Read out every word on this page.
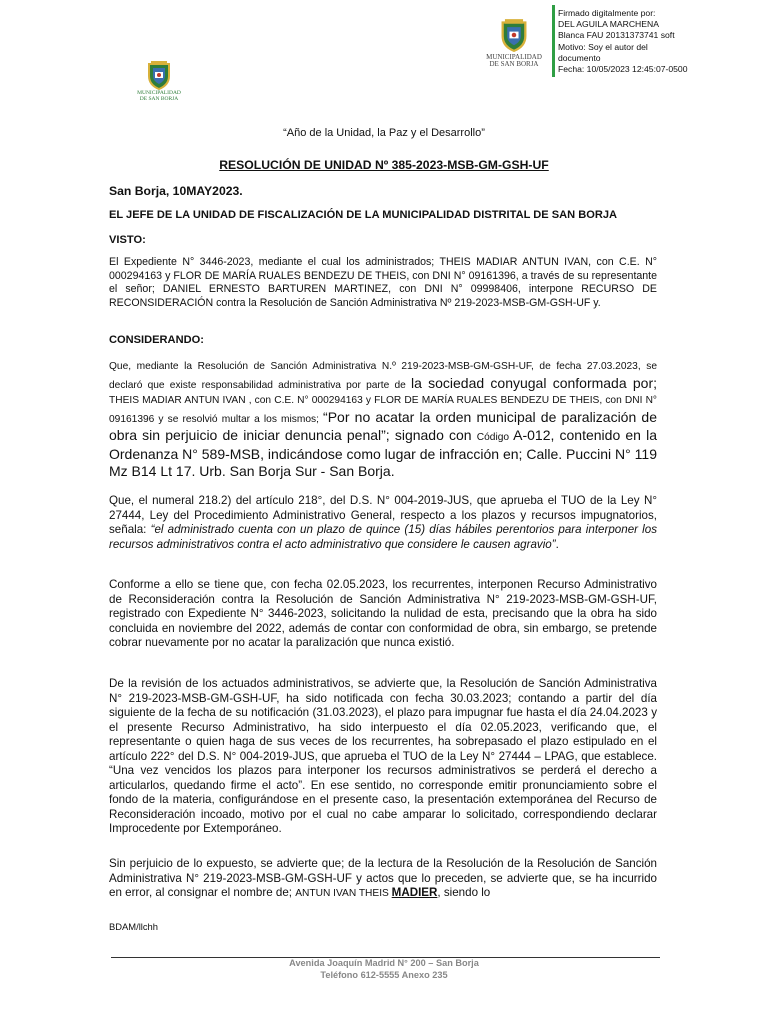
MUNICIPALIDAD
DE SAN BORJA
MUNICIPALIDAD
DE SAN BORJA
Firmado digitalmente por:
DEL AGUILA MARCHENA
Blanca FAU 20131373741 soft
Motivo: Soy el autor del
documento
Fecha: 10/05/2023 12:45:07-0500
“Año de la Unidad, la Paz y el Desarrollo”
RESOLUCIÓN DE UNIDAD Nº 385-2023-MSB-GM-GSH-UF
San Borja, 10MAY2023.
EL JEFE DE LA UNIDAD DE FISCALIZACIÓN DE LA MUNICIPALIDAD DISTRITAL DE SAN BORJA
VISTO:
El Expediente N° 3446-2023, mediante el cual los administrados; THEIS MADIAR ANTUN IVAN, con C.E. N° 000294163 y FLOR DE MARÍA RUALES BENDEZU DE THEIS, con DNI N° 09161396, a través de su representante el señor; DANIEL ERNESTO BARTUREN MARTINEZ, con DNI N° 09998406, interpone RECURSO DE RECONSIDERACIÓN contra la Resolución de Sanción Administrativa Nº 219-2023-MSB-GM-GSH-UF y.
CONSIDERANDO:
Que, mediante la Resolución de Sanción Administrativa N.º 219-2023-MSB-GM-GSH-UF, de fecha 27.03.2023, se declaró que existe responsabilidad administrativa por parte de la sociedad conyugal conformada por; THEIS MADIAR ANTUN IVAN , con C.E. N° 000294163 y FLOR DE MARÍA RUALES BENDEZU DE THEIS, con DNI N° 09161396 y se resolvió multar a los mismos; “Por no acatar la orden municipal de paralización de obra sin perjuicio de iniciar denuncia penal”; signado con Código A-012, contenido en la Ordenanza N° 589-MSB, indicándose como lugar de infracción en; Calle. Puccini N° 119 Mz B14 Lt 17. Urb. San Borja Sur - San Borja.
Que, el numeral 218.2) del artículo 218°, del D.S. N° 004-2019-JUS, que aprueba el TUO de la Ley N° 27444, Ley del Procedimiento Administrativo General, respecto a los plazos y recursos impugnatorios, señala: “el administrado cuenta con un plazo de quince (15) días hábiles perentorios para interponer los recursos administrativos contra el acto administrativo que considere le causen agravio”.
Conforme a ello se tiene que, con fecha 02.05.2023, los recurrentes, interponen Recurso Administrativo de Reconsideración contra la Resolución de Sanción Administrativa N° 219-2023-MSB-GM-GSH-UF, registrado con Expediente N° 3446-2023, solicitando la nulidad de esta, precisando que la obra ha sido concluida en noviembre del 2022, además de contar con conformidad de obra, sin embargo, se pretende cobrar nuevamente por no acatar la paralización que nunca existió.
De la revisión de los actuados administrativos, se advierte que, la Resolución de Sanción Administrativa N° 219-2023-MSB-GM-GSH-UF, ha sido notificada con fecha 30.03.2023; contando a partir del día siguiente de la fecha de su notificación (31.03.2023), el plazo para impugnar fue hasta el día 24.04.2023 y el presente Recurso Administrativo, ha sido interpuesto el día 02.05.2023, verificando que, el representante o quien haga de sus veces de los recurrentes, ha sobrepasado el plazo estipulado en el artículo 222° del D.S. N° 004-2019-JUS, que aprueba el TUO de la Ley N° 27444 – LPAG, que establece. “Una vez vencidos los plazos para interponer los recursos administrativos se perderá el derecho a articularlos, quedando firme el acto”. En ese sentido, no corresponde emitir pronunciamiento sobre el fondo de la materia, configurándose en el presente caso, la presentación extemporánea del Recurso de Reconsideración incoado, motivo por el cual no cabe amparar lo solicitado, correspondiendo declarar Improcedente por Extemporáneo.
Sin perjuicio de lo expuesto, se advierte que; de la lectura de la Resolución de la Resolución de Sanción Administrativa N° 219-2023-MSB-GM-GSH-UF y actos que lo preceden, se advierte que, se ha incurrido en error, al consignar el nombre de; ANTUN IVAN THEIS MADIER, siendo lo
BDAM/llchh
Avenida Joaquín Madrid N° 200 – San Borja
Teléfono 612-5555 Anexo 235
